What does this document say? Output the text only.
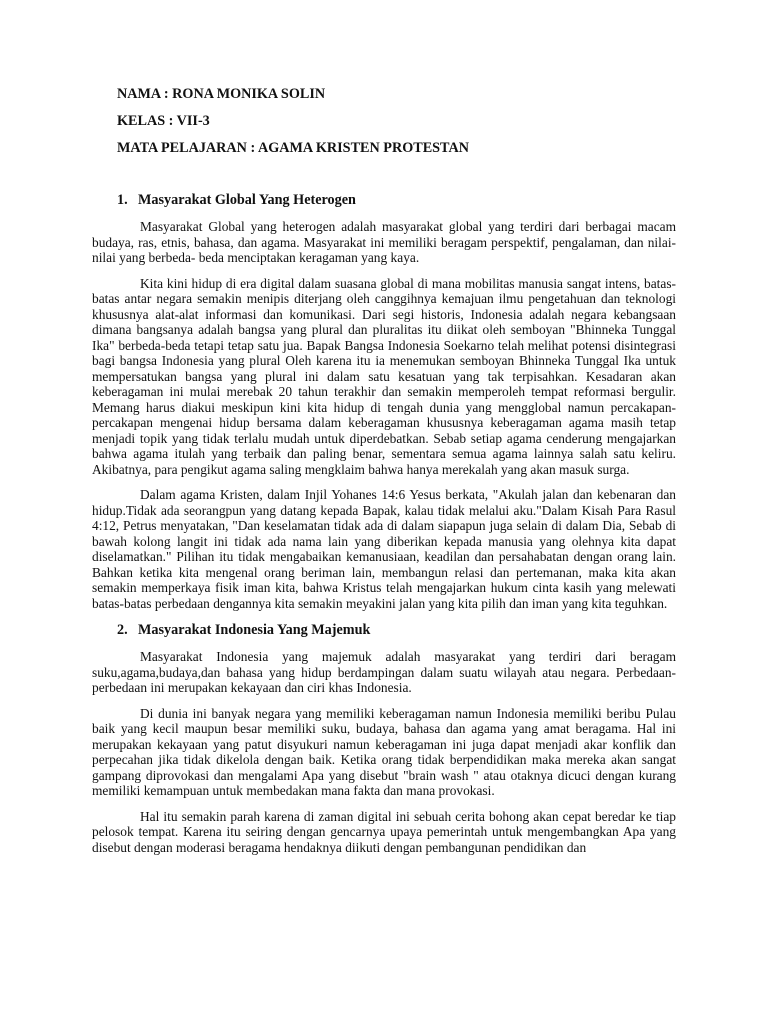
NAMA : RONA MONIKA SOLIN
KELAS : VII-3
MATA PELAJARAN : AGAMA KRISTEN PROTESTAN
1. Masyarakat Global Yang Heterogen

Masyarakat Global yang heterogen adalah masyarakat global yang terdiri dari berbagai macam budaya, ras, etnis, bahasa, dan agama. Masyarakat ini memiliki beragam perspektif, pengalaman, dan nilai-nilai yang berbeda- beda menciptakan keragaman yang kaya.

Kita kini hidup di era digital dalam suasana global di mana mobilitas manusia sangat intens, batas-batas antar negara semakin menipis diterjang oleh canggihnya kemajuan ilmu pengetahuan dan teknologi khususnya alat-alat informasi dan komunikasi. Dari segi historis, Indonesia adalah negara kebangsaan dimana bangsanya adalah bangsa yang plural dan pluralitas itu diikat oleh semboyan "Bhinneka Tunggal Ika" berbeda-beda tetapi tetap satu jua. Bapak Bangsa Indonesia Soekarno telah melihat potensi disintegrasi bagi bangsa Indonesia yang plural Oleh karena itu ia menemukan semboyan Bhinneka Tunggal Ika untuk mempersatukan bangsa yang plural ini dalam satu kesatuan yang tak terpisahkan. Kesadaran akan keberagaman ini mulai merebak 20 tahun terakhir dan semakin memperoleh tempat reformasi bergulir. Memang harus diakui meskipun kini kita hidup di tengah dunia yang mengglobal namun percakapan-percakapan mengenai hidup bersama dalam keberagaman khususnya keberagaman agama masih tetap menjadi topik yang tidak terlalu mudah untuk diperdebatkan. Sebab setiap agama cenderung mengajarkan bahwa agama itulah yang terbaik dan paling benar, sementara semua agama lainnya salah satu keliru. Akibatnya, para pengikut agama saling mengklaim bahwa hanya merekalah yang akan masuk surga.

Dalam agama Kristen, dalam Injil Yohanes 14:6 Yesus berkata, "Akulah jalan dan kebenaran dan hidup.Tidak ada seorangpun yang datang kepada Bapak, kalau tidak melalui aku."Dalam Kisah Para Rasul 4:12, Petrus menyatakan, "Dan keselamatan tidak ada di dalam siapapun juga selain di dalam Dia, Sebab di bawah kolong langit ini tidak ada nama lain yang diberikan kepada manusia yang olehnya kita dapat diselamatkan." Pilihan itu tidak mengabaikan kemanusiaan, keadilan dan persahabatan dengan orang lain. Bahkan ketika kita mengenal orang beriman lain, membangun relasi dan pertemanan, maka kita akan semakin memperkaya fisik iman kita, bahwa Kristus telah mengajarkan hukum cinta kasih yang melewati batas-batas perbedaan dengannya kita semakin meyakini jalan yang kita pilih dan iman yang kita teguhkan.

2. Masyarakat Indonesia Yang Majemuk

Masyarakat Indonesia yang majemuk adalah masyarakat yang terdiri dari beragam suku,agama,budaya,dan bahasa yang hidup berdampingan dalam suatu wilayah atau negara. Perbedaan-perbedaan ini merupakan kekayaan dan ciri khas Indonesia.

Di dunia ini banyak negara yang memiliki keberagaman namun Indonesia memiliki beribu Pulau baik yang kecil maupun besar memiliki suku, budaya, bahasa dan agama yang amat beragama. Hal ini merupakan kekayaan yang patut disyukuri namun keberagaman ini juga dapat menjadi akar konflik dan perpecahan jika tidak dikelola dengan baik. Ketika orang tidak berpendidikan maka mereka akan sangat gampang diprovokasi dan mengalami Apa yang disebut "brain wash " atau otaknya dicuci dengan kurang memiliki kemampuan untuk membedakan mana fakta dan mana provokasi.

Hal itu semakin parah karena di zaman digital ini sebuah cerita bohong akan cepat beredar ke tiap pelosok tempat. Karena itu seiring dengan gencarnya upaya pemerintah untuk mengembangkan Apa yang disebut dengan moderasi beragama hendaknya diikuti dengan pembangunan pendidikan dan
